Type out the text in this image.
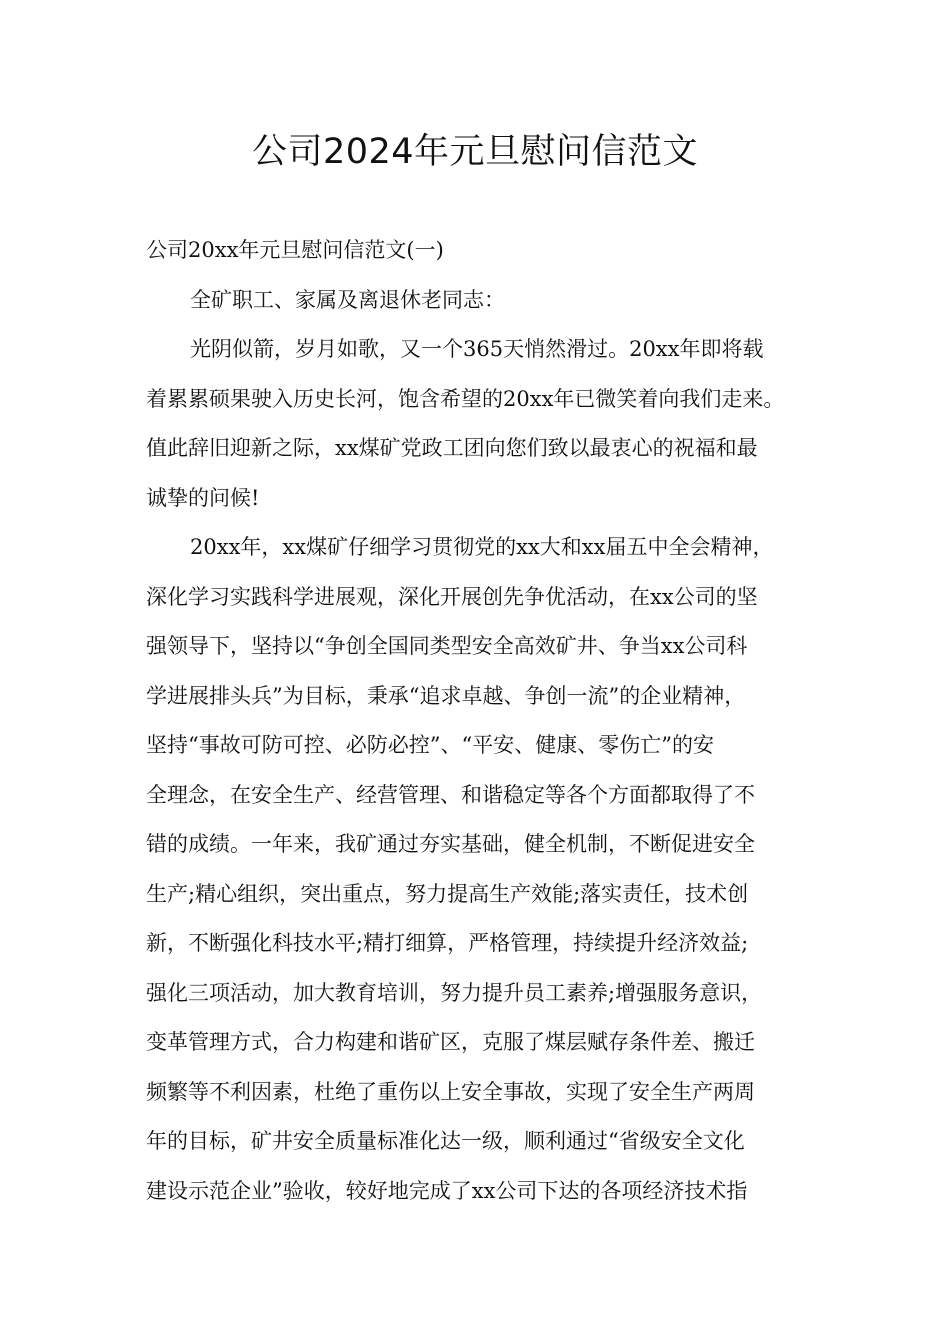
公司2024年元旦慰问信范文
公司20xx年元旦慰问信范文(一)
全矿职工、家属及离退休老同志：
光阴似箭，岁月如歌，又一个365天悄然滑过。20xx年即将载
着累累硕果驶入历史长河，饱含希望的20xx年已微笑着向我们走来。
值此辞旧迎新之际，xx煤矿党政工团向您们致以最衷心的祝福和最
诚挚的问候!
20xx年，xx煤矿仔细学习贯彻党的xx大和xx届五中全会精神，
深化学习实践科学进展观，深化开展创先争优活动，在xx公司的坚
强领导下，坚持以“争创全国同类型安全高效矿井、争当xx公司科
学进展排头兵”为目标，秉承“追求卓越、争创一流”的企业精神，
坚持“事故可防可控、必防必控”、“平安、健康、零伤亡”的安
全理念，在安全生产、经营管理、和谐稳定等各个方面都取得了不
错的成绩。一年来，我矿通过夯实基础，健全机制，不断促进安全
生产;精心组织，突出重点，努力提高生产效能;落实责任，技术创
新，不断强化科技水平;精打细算，严格管理，持续提升经济效益;
强化三项活动，加大教育培训，努力提升员工素养;增强服务意识，
变革管理方式，合力构建和谐矿区，克服了煤层赋存条件差、搬迁
频繁等不利因素，杜绝了重伤以上安全事故，实现了安全生产两周
年的目标，矿井安全质量标准化达一级，顺利通过“省级安全文化
建设示范企业”验收，较好地完成了xx公司下达的各项经济技术指
